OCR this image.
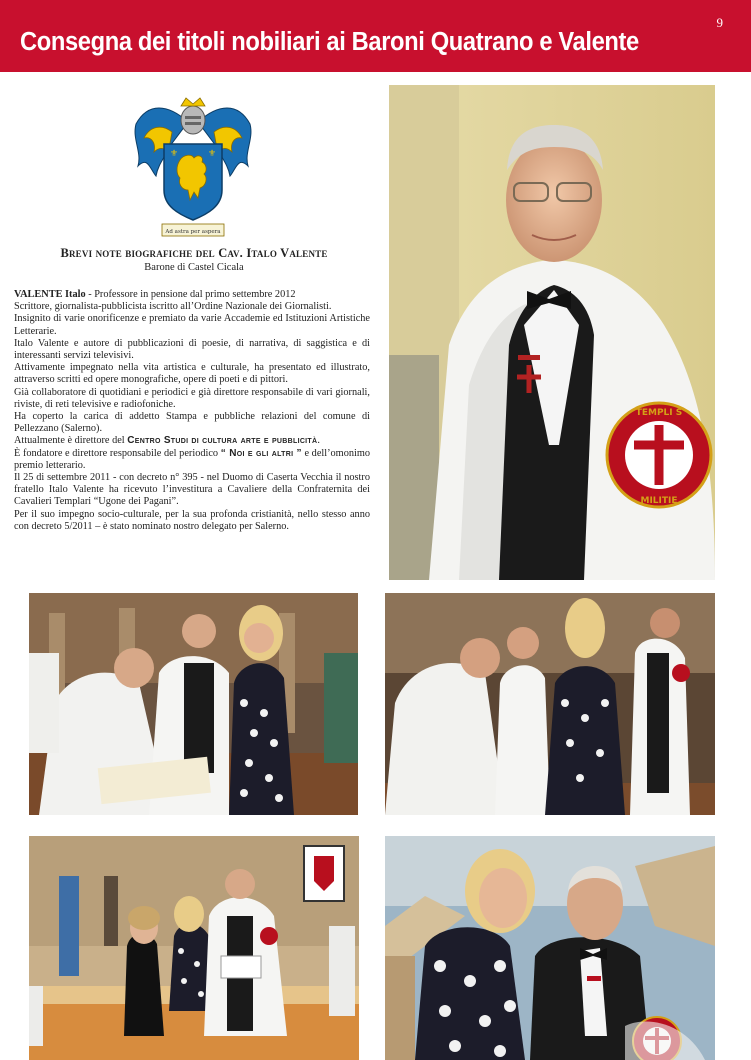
Consegna dei titoli nobiliari ai Baroni Quatrano e Valente
9
⚜	⚜
Ad astra per aspera
Brevi note biografiche del Cav. Italo Valente
Barone di Castel Cicala

VALENTE Italo - Professore in pensione dal primo settembre 2012

Scrittore, giornalista-pubblicista iscritto all’Ordine Nazionale dei Giornalisti.

Insignito di varie onorificenze e premiato da varie Accademie ed Istituzioni Artistiche Letterarie.

Italo Valente e autore di pubblicazioni di poesie, di narrativa, di saggistica e di interessanti servizi televisivi.

Attivamente impegnato nella vita artistica e culturale, ha presentato ed illustrato, attraverso scritti ed opere monografiche, opere di poeti e di pittori.

Già collaboratore di quotidiani e periodici e già direttore responsabile di vari giornali, riviste, di reti televisive e radiofoniche.

Ha coperto la carica di addetto Stampa e pubbliche relazioni del comune di Pellezzano (Salerno).

Attualmente è direttore del Centro Studi di cultura arte e pubblicità.

È fondatore e direttore responsabile del periodico “ Noi e gli altri ” e dell’omonimo premio letterario.

Il 25 di settembre 2011 - con decreto n° 395 - nel Duomo di Caserta Vecchia il nostro fratello Italo Valente ha ricevuto l’investitura a Cavaliere della Confraternita dei Cavalieri Templari “Ugone dei Pagani”.

Per il suo impegno socio-culturale, per la sua profonda cristianità, nello stesso anno con decreto 5/2011 – è stato nominato nostro delegato per Salerno.

TEMPLI S
MILITIE
